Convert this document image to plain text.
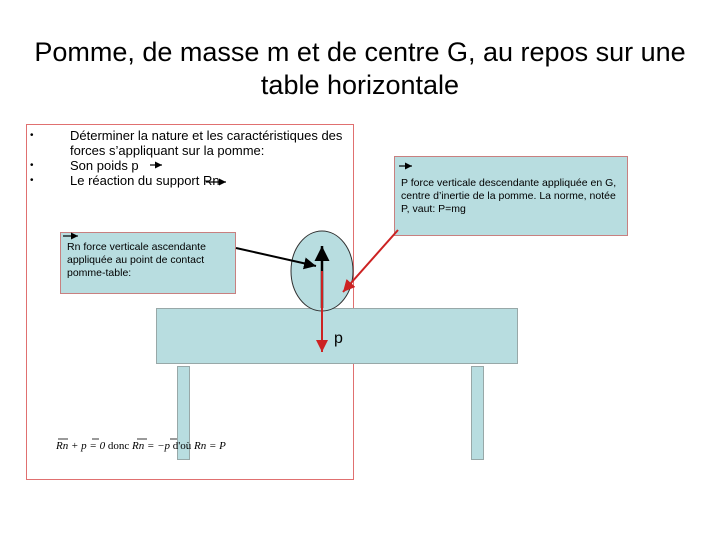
Pomme, de masse m et de centre G, au repos sur une table horizontale
•	Déterminer la nature et les caractéristiques des forces s’appliquant sur la pomme:
•	Son poids p
•	Le réaction du support Rn	P force verticale descendante appliquée en G, centre d’inertie de la pomme. La norme, notée P, vaut: P=mg
Rn force verticale ascendante appliquée au point de contact pomme-table:
p
Rn + p = 0 donc Rn = −p d'où Rn = P
